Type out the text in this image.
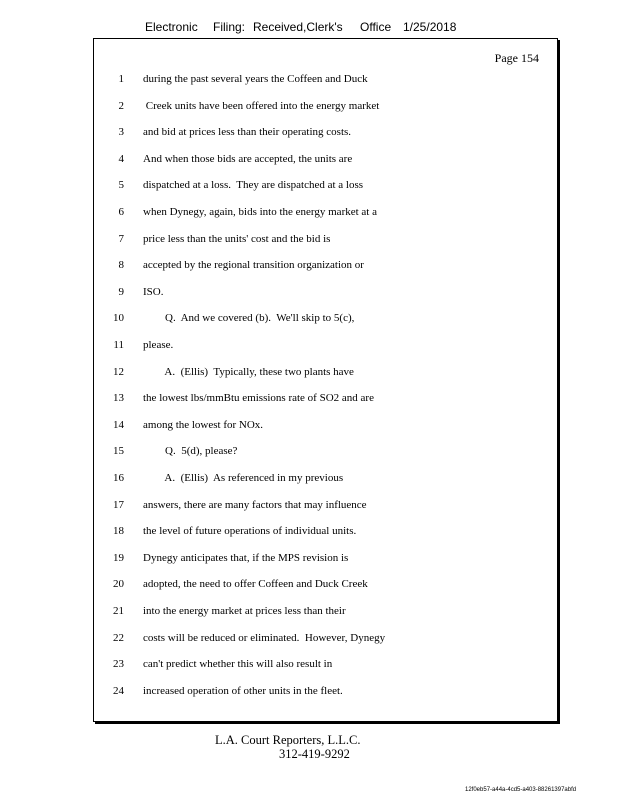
Electronic Filing: Received,Clerk's Office 1/25/2018
Page 154
1 during the past several years the Coffeen and Duck
2 Creek units have been offered into the energy market
3 and bid at prices less than their operating costs.
4 And when those bids are accepted, the units are
5 dispatched at a loss.  They are dispatched at a loss
6 when Dynegy, again, bids into the energy market at a
7 price less than the units' cost and the bid is
8 accepted by the regional transition organization or
9 ISO.
10 Q.  And we covered (b).  We'll skip to 5(c),
11 please.
12 A.  (Ellis)  Typically, these two plants have
13 the lowest lbs/mmBtu emissions rate of SO2 and are
14 among the lowest for NOx.
15 Q.  5(d), please?
16 A.  (Ellis)  As referenced in my previous
17 answers, there are many factors that may influence
18 the level of future operations of individual units.
19 Dynegy anticipates that, if the MPS revision is
20 adopted, the need to offer Coffeen and Duck Creek
21 into the energy market at prices less than their
22 costs will be reduced or eliminated.  However, Dynegy
23 can't predict whether this will also result in
24 increased operation of other units in the fleet.
L.A. Court Reporters, L.L.C.
312-419-9292
12f0eb57-a44a-4cd5-a403-88261397abfd
